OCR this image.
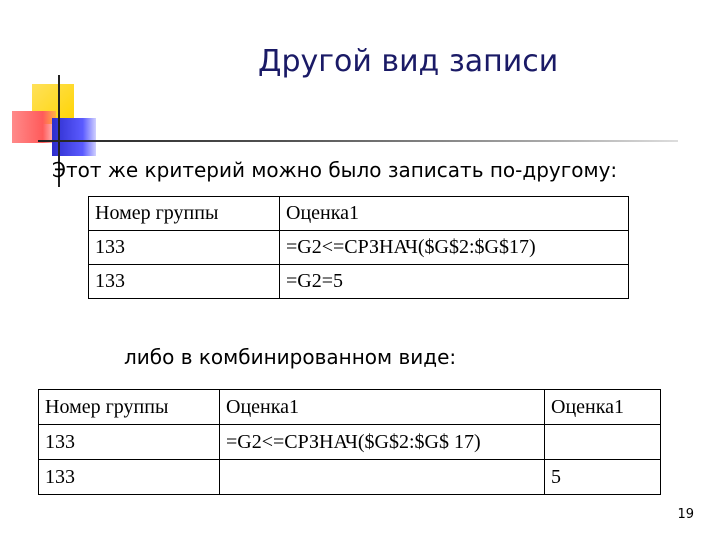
Другой вид записи
Этот же критерий можно было записать по-другому:
Номер группы	Оценка1
133	=G2<=СРЗНАЧ($G$2:$G$17)
133	=G2=5
либо в комбинированном виде:
Номер группы	Оценка1	Оценка1
133	=G2<=СРЗНАЧ($G$2:$G$ 17)	
133		5
19
